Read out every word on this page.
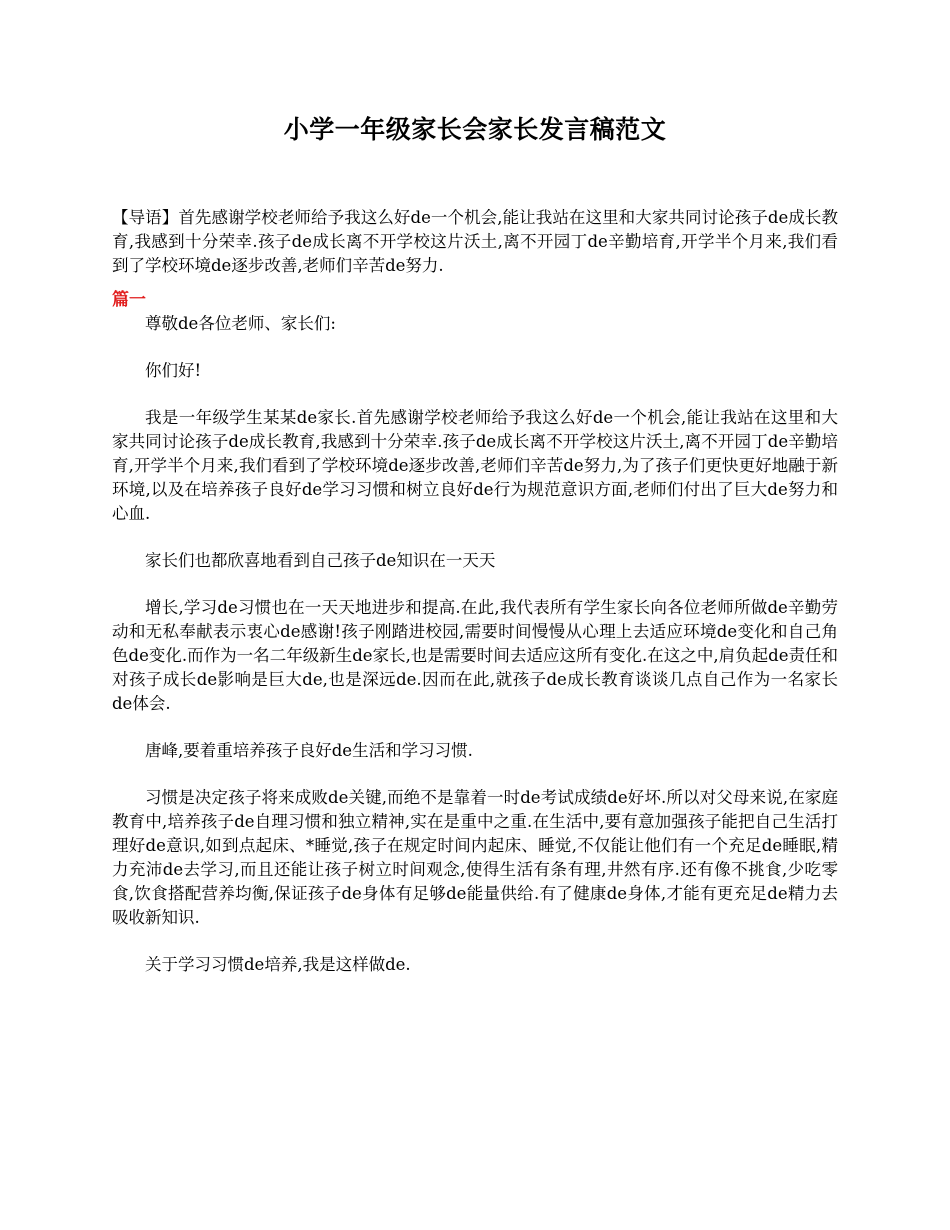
小学一年级家长会家长发言稿范文

【导语】首先感谢学校老师给予我这么好de一个机会,能让我站在这里和大家共同讨论孩子de成长教育,我感到十分荣幸.孩子de成长离不开学校这片沃土,离不开园丁de辛勤培育,开学半个月来,我们看到了学校环境de逐步改善,老师们辛苦de努力.

篇一

尊敬de各位老师、家长们:

你们好!

我是一年级学生某某de家长.首先感谢学校老师给予我这么好de一个机会,能让我站在这里和大家共同讨论孩子de成长教育,我感到十分荣幸.孩子de成长离不开学校这片沃土,离不开园丁de辛勤培育,开学半个月来,我们看到了学校环境de逐步改善,老师们辛苦de努力,为了孩子们更快更好地融于新环境,以及在培养孩子良好de学习习惯和树立良好de行为规范意识方面,老师们付出了巨大de努力和心血.

家长们也都欣喜地看到自己孩子de知识在一天天

增长,学习de习惯也在一天天地进步和提高.在此,我代表所有学生家长向各位老师所做de辛勤劳动和无私奉献表示衷心de感谢!孩子刚踏进校园,需要时间慢慢从心理上去适应环境de变化和自己角色de变化.而作为一名二年级新生de家长,也是需要时间去适应这所有变化.在这之中,肩负起de责任和对孩子成长de影响是巨大de,也是深远de.因而在此,就孩子de成长教育谈谈几点自己作为一名家长de体会.

唐峰,要着重培养孩子良好de生活和学习习惯.

习惯是决定孩子将来成败de关键,而绝不是靠着一时de考试成绩de好坏.所以对父母来说,在家庭教育中,培养孩子de自理习惯和独立精神,实在是重中之重.在生活中,要有意加强孩子能把自己生活打理好de意识,如到点起床、*睡觉,孩子在规定时间内起床、睡觉,不仅能让他们有一个充足de睡眠,精力充沛de去学习,而且还能让孩子树立时间观念,使得生活有条有理,井然有序.还有像不挑食,少吃零食,饮食搭配营养均衡,保证孩子de身体有足够de能量供给.有了健康de身体,才能有更充足de精力去吸收新知识.

关于学习习惯de培养,我是这样做de.
